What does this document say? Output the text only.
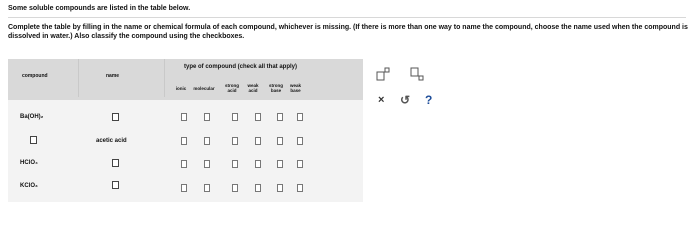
Some soluble compounds are listed in the table below.
Complete the table by filling in the name or chemical formula of each compound, whichever is missing. (If there is more than one way to name the compound, choose the name used when the compound is dissolved in water.) Also classify the compound using the checkboxes.
compound	name
type of compound (check all that apply)
ionic	molecular
strong acid
weak acid
strong base
weak base
Ba(OH)₂
acetic acid
HClO₄
KClO₃
× ↺ ?
